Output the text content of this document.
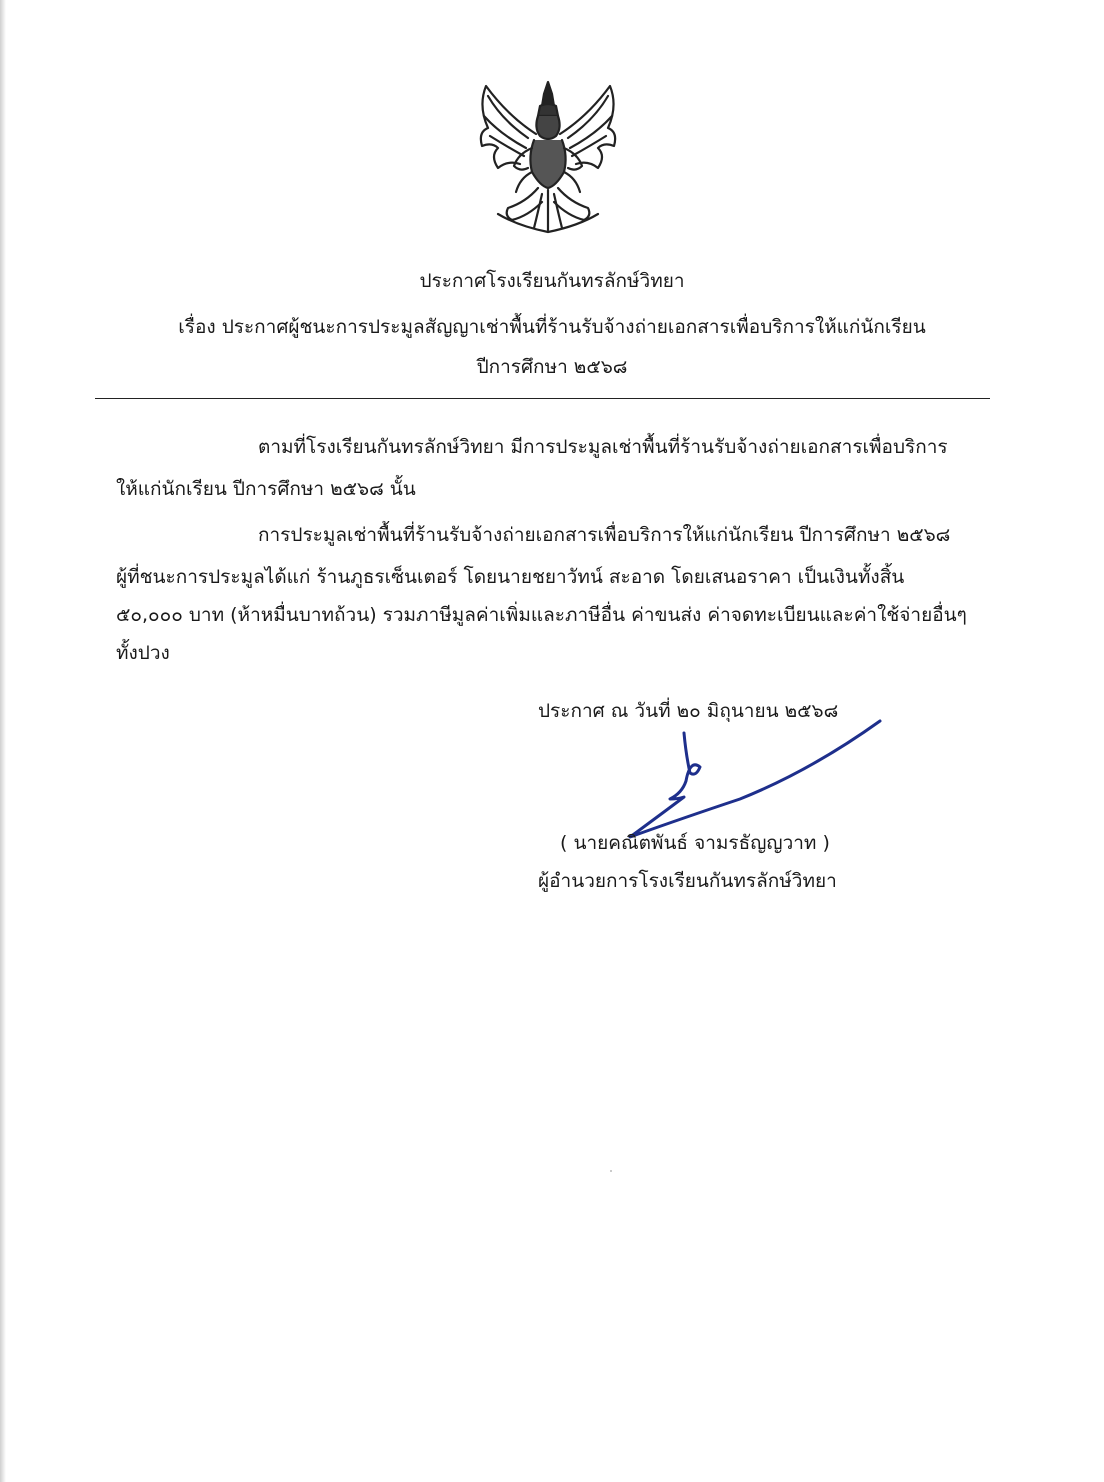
ประกาศโรงเรียนกันทรลักษ์วิทยา
เรื่อง ประกาศผู้ชนะการประมูลสัญญาเช่าพื้นที่ร้านรับจ้างถ่ายเอกสารเพื่อบริการให้แก่นักเรียน
ปีการศึกษา ๒๕๖๘
ตามที่โรงเรียนกันทรลักษ์วิทยา มีการประมูลเช่าพื้นที่ร้านรับจ้างถ่ายเอกสารเพื่อบริการ
ให้แก่นักเรียน ปีการศึกษา ๒๕๖๘ นั้น
การประมูลเช่าพื้นที่ร้านรับจ้างถ่ายเอกสารเพื่อบริการให้แก่นักเรียน ปีการศึกษา ๒๕๖๘
ผู้ที่ชนะการประมูลได้แก่ ร้านภูธรเซ็นเตอร์ โดยนายชยาวัทน์ สะอาด โดยเสนอราคา เป็นเงินทั้งสิ้น
๕๐,๐๐๐ บาท (ห้าหมื่นบาทถ้วน) รวมภาษีมูลค่าเพิ่มและภาษีอื่น ค่าขนส่ง ค่าจดทะเบียนและค่าใช้จ่ายอื่นๆ
ทั้งปวง
ประกาศ ณ วันที่ ๒๐ มิถุนายน ๒๕๖๘
( นายคณิตพันธ์ จามรธัญญวาท )
ผู้อำนวยการโรงเรียนกันทรลักษ์วิทยา
